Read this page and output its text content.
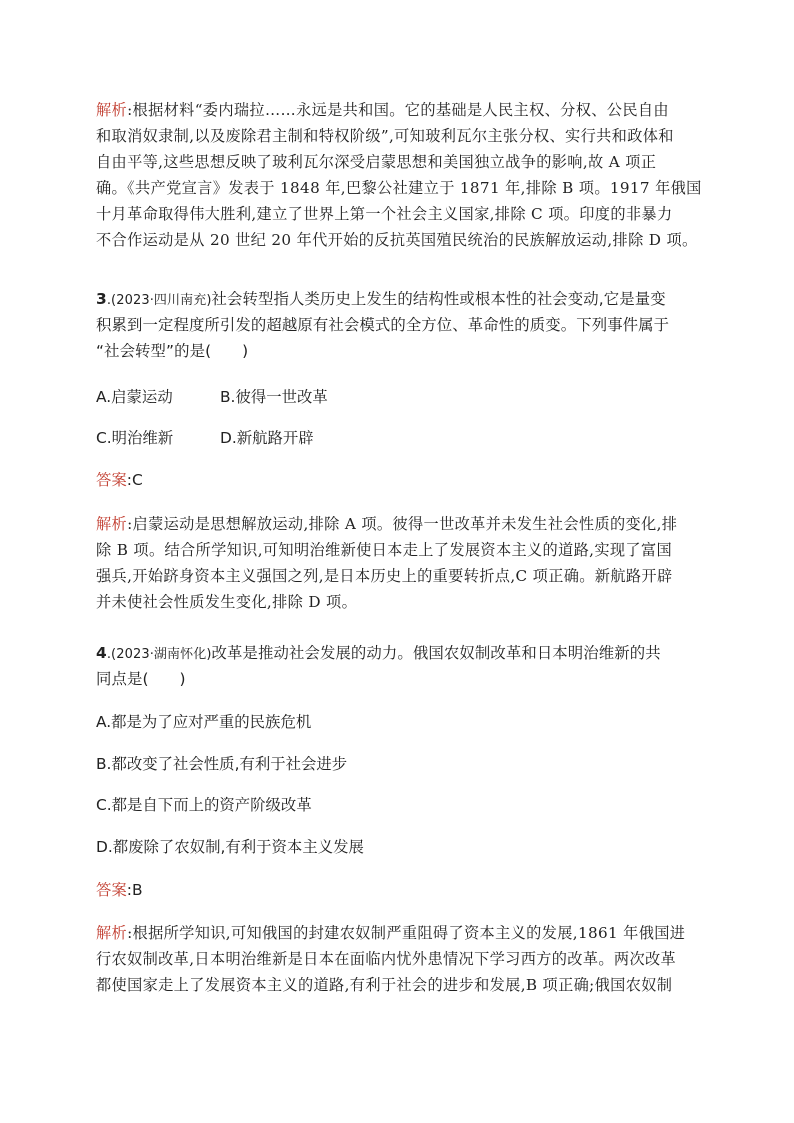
解析:根据材料“委内瑞拉……永远是共和国。它的基础是人民主权、分权、公民自由
和取消奴隶制,以及废除君主制和特权阶级”,可知玻利瓦尔主张分权、实行共和政体和
自由平等,这些思想反映了玻利瓦尔深受启蒙思想和美国独立战争的影响,故 A 项正
确。《共产党宣言》发表于 1848 年,巴黎公社建立于 1871 年,排除 B 项。1917 年俄国
十月革命取得伟大胜利,建立了世界上第一个社会主义国家,排除 C 项。印度的非暴力
不合作运动是从 20 世纪 20 年代开始的反抗英国殖民统治的民族解放运动,排除 D 项。
3.(2023·四川南充)社会转型指人类历史上发生的结构性或根本性的社会变动,它是量变
积累到一定程度所引发的超越原有社会模式的全方位、革命性的质变。下列事件属于
“社会转型”的是(　　)
A.启蒙运动	B.彼得一世改革
C.明治维新	D.新航路开辟
答案:C
解析:启蒙运动是思想解放运动,排除 A 项。彼得一世改革并未发生社会性质的变化,排
除 B 项。结合所学知识,可知明治维新使日本走上了发展资本主义的道路,实现了富国
强兵,开始跻身资本主义强国之列,是日本历史上的重要转折点,C 项正确。新航路开辟
并未使社会性质发生变化,排除 D 项。
4.(2023·湖南怀化)改革是推动社会发展的动力。俄国农奴制改革和日本明治维新的共
同点是(　　)
A.都是为了应对严重的民族危机
B.都改变了社会性质,有利于社会进步
C.都是自下而上的资产阶级改革
D.都废除了农奴制,有利于资本主义发展
答案:B
解析:根据所学知识,可知俄国的封建农奴制严重阻碍了资本主义的发展,1861 年俄国进
行农奴制改革,日本明治维新是日本在面临内忧外患情况下学习西方的改革。两次改革
都使国家走上了发展资本主义的道路,有利于社会的进步和发展,B 项正确;俄国农奴制
